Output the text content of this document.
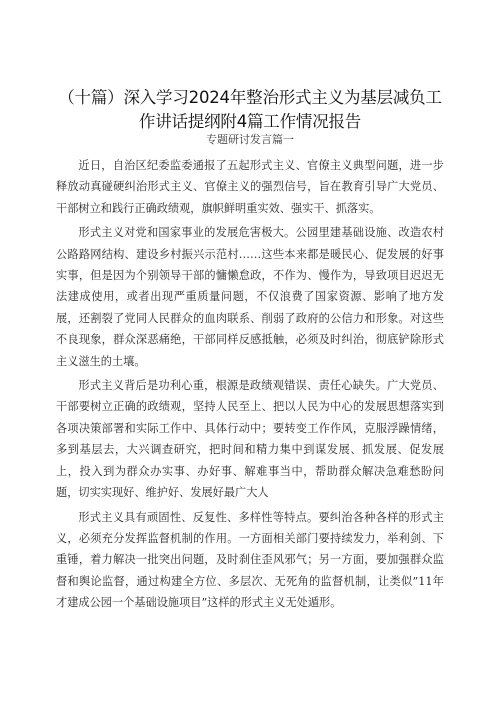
（十篇）深入学习2024年整治形式主义为基层减负工
作讲话提纲附4篇工作情况报告
专题研讨发言篇一

近日，自治区纪委监委通报了五起形式主义、官僚主义典型问题，进一步释放动真碰硬纠治形式主义、官僚主义的强烈信号，旨在教育引导广大党员、干部树立和践行正确政绩观，旗帜鲜明重实效、强实干、抓落实。

形式主义对党和国家事业的发展危害极大。公园里建基础设施、改造农村公路路网结构、建设乡村振兴示范村……这些本来都是暖民心、促发展的好事实事，但是因为个别领导干部的慵懒怠政，不作为、慢作为，导致项目迟迟无法建成使用，或者出现严重质量问题，不仅浪费了国家资源、影响了地方发展，还割裂了党同人民群众的血肉联系、削弱了政府的公信力和形象。对这些不良现象，群众深恶痛绝，干部同样反感抵触，必须及时纠治，彻底铲除形式主义滋生的土壤。

形式主义背后是功利心重，根源是政绩观错误、责任心缺失。广大党员、干部要树立正确的政绩观，坚持人民至上、把以人民为中心的发展思想落实到各项决策部署和实际工作中、具体行动中；要转变工作作风，克服浮躁情绪，多到基层去，大兴调查研究，把时间和精力集中到谋发展、抓发展、促发展上，投入到为群众办实事、办好事、解难事当中，帮助群众解决急难愁盼问题，切实实现好、维护好、发展好最广大人

形式主义具有顽固性、反复性、多样性等特点。要纠治各种各样的形式主义，必须充分发挥监督机制的作用。一方面相关部门要持续发力，举利剑、下重锤，着力解决一批突出问题，及时刹住歪风邪气；另一方面，要加强群众监督和舆论监督，通过构建全方位、多层次、无死角的监督机制，让类似”11年才建成公园一个基础设施项目”这样的形式主义无处遁形。
